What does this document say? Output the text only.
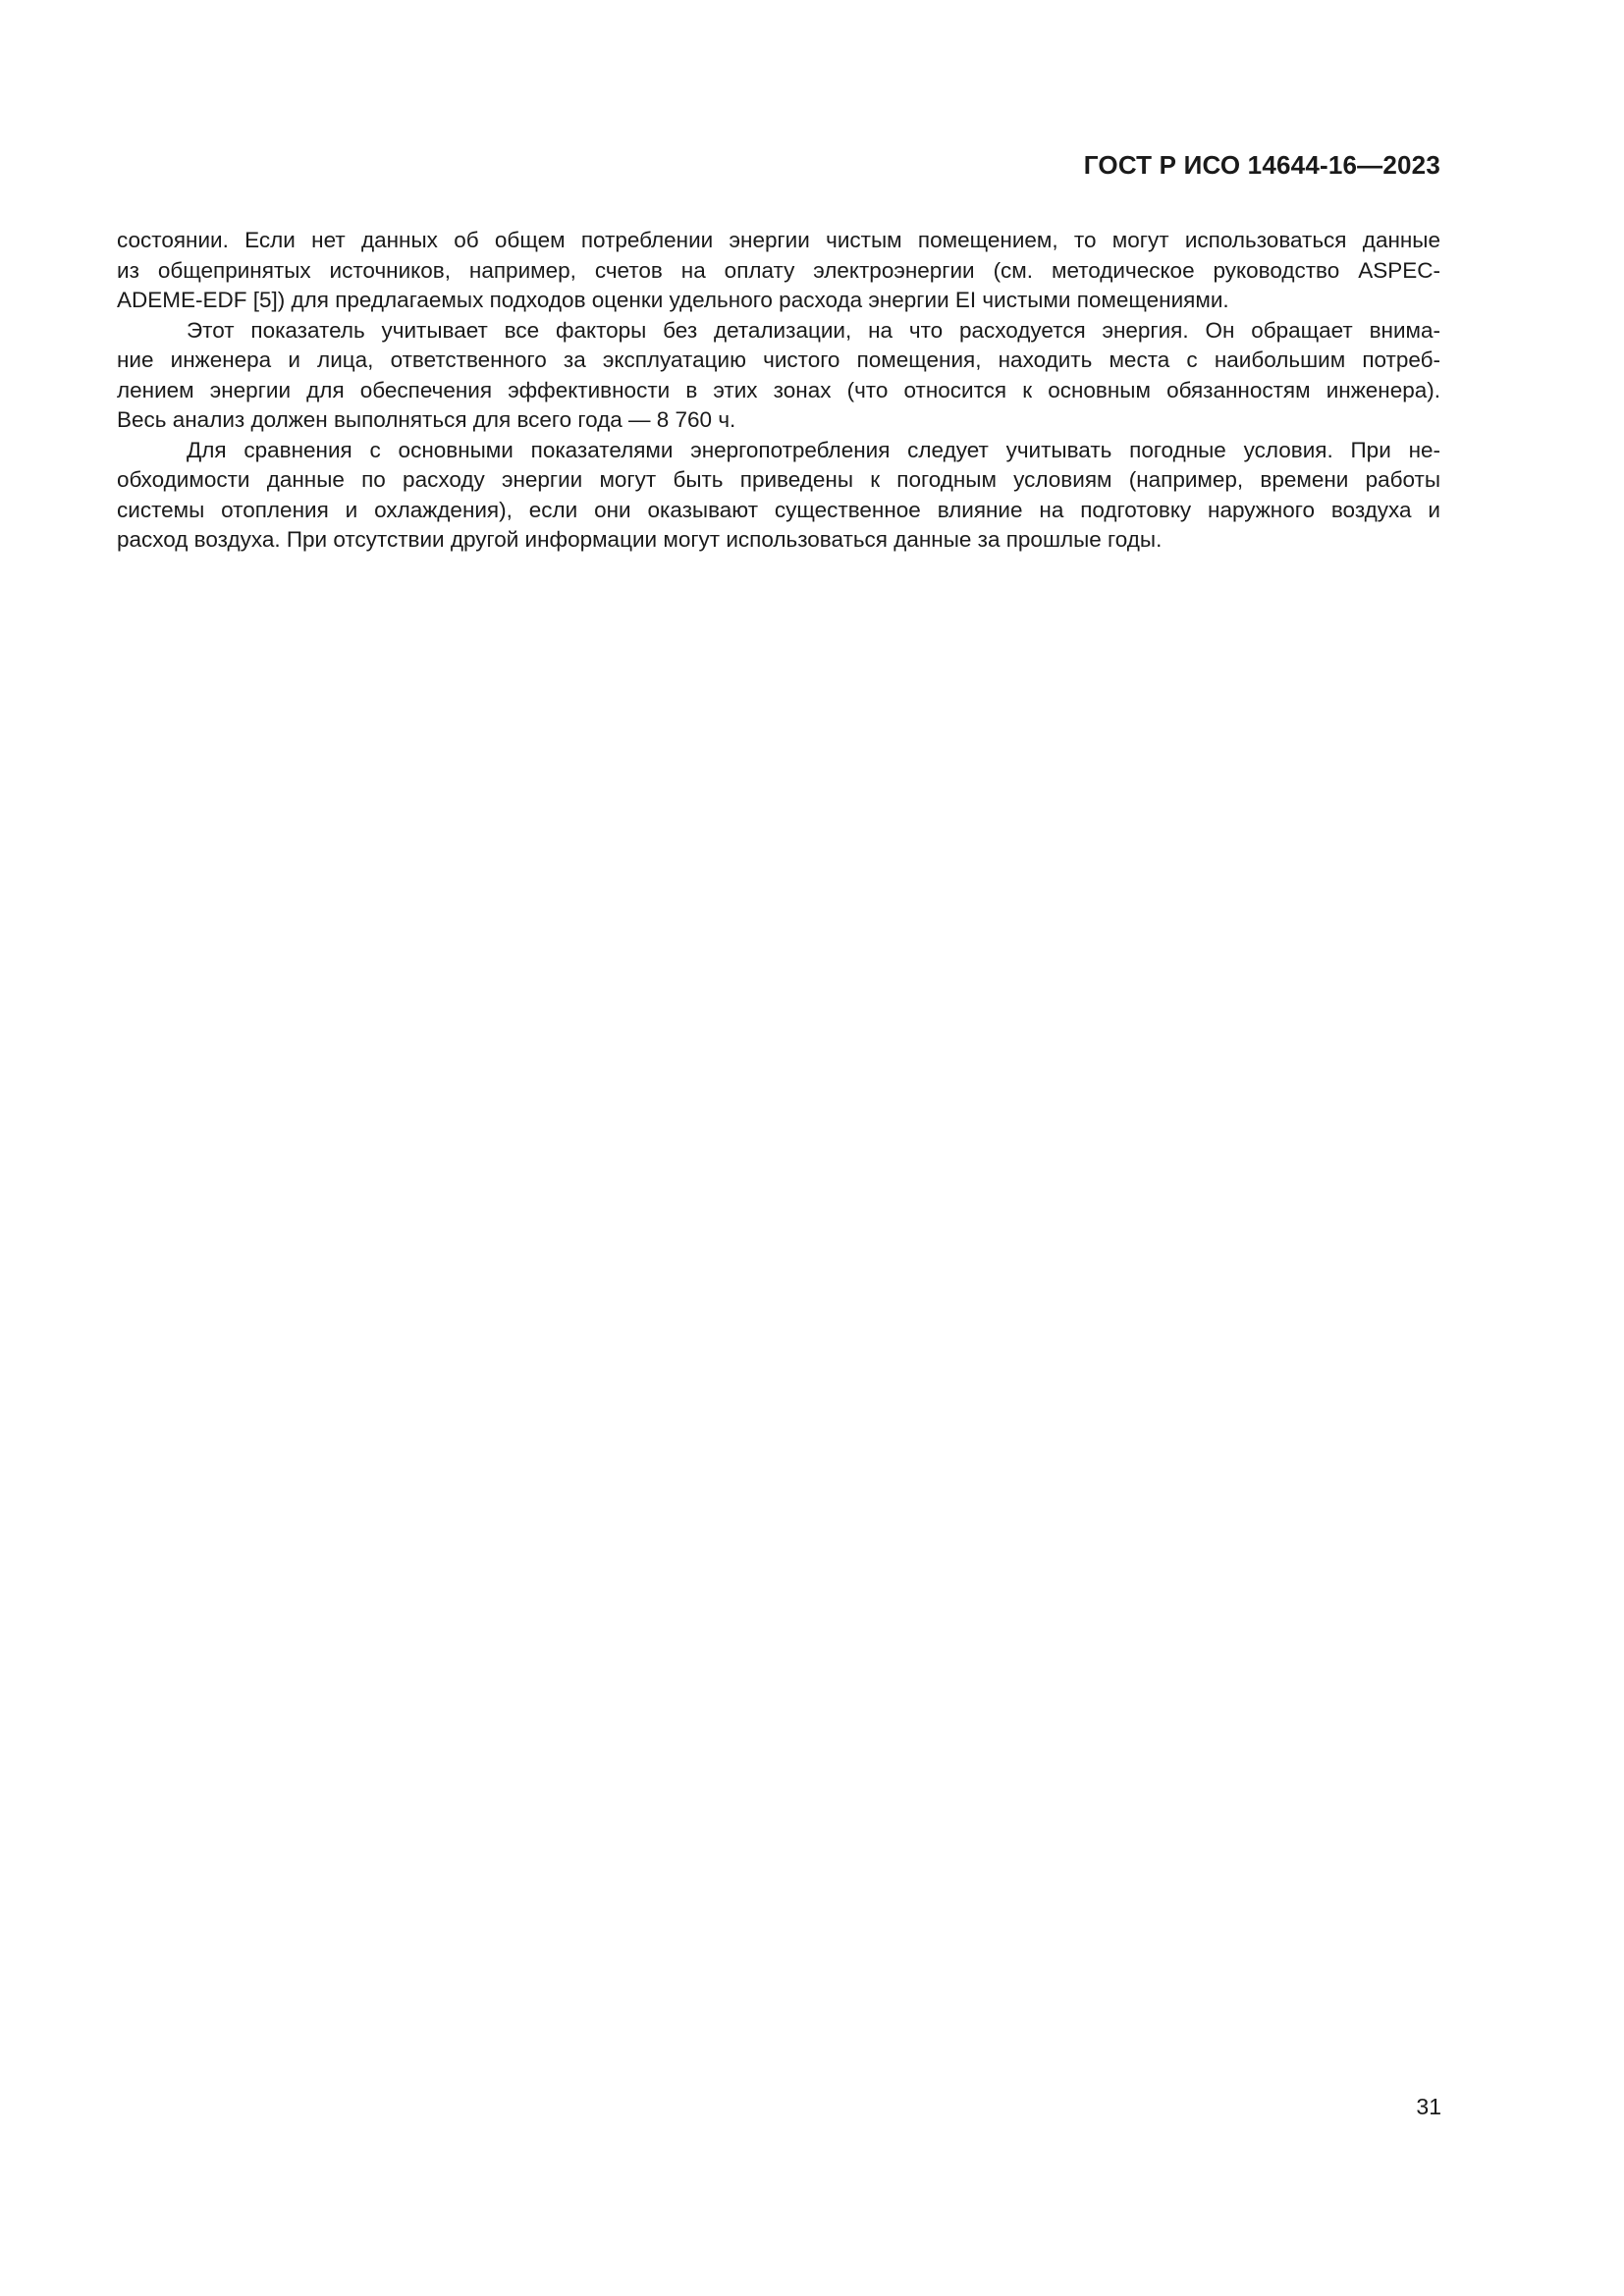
ГОСТ Р ИСО 14644-16—2023
состоянии. Если нет данных об общем потреблении энергии чистым помещением, то могут использоваться данные
из общепринятых источников, например, счетов на оплату электроэнергии (см. методическое руководство ASPEC-
ADEME-EDF [5]) для предлагаемых подходов оценки удельного расхода энергии EI чистыми помещениями.
Этот показатель учитывает все факторы без детализации, на что расходуется энергия. Он обращает внима-
ние инженера и лица, ответственного за эксплуатацию чистого помещения, находить места с наибольшим потреб-
лением энергии для обеспечения эффективности в этих зонах (что относится к основным обязанностям инженера).
Весь анализ должен выполняться для всего года — 8 760 ч.
Для сравнения с основными показателями энергопотребления следует учитывать погодные условия. При не-
обходимости данные по расходу энергии могут быть приведены к погодным условиям (например, времени работы
системы отопления и охлаждения), если они оказывают существенное влияние на подготовку наружного воздуха и
расход воздуха. При отсутствии другой информации могут использоваться данные за прошлые годы.
31
